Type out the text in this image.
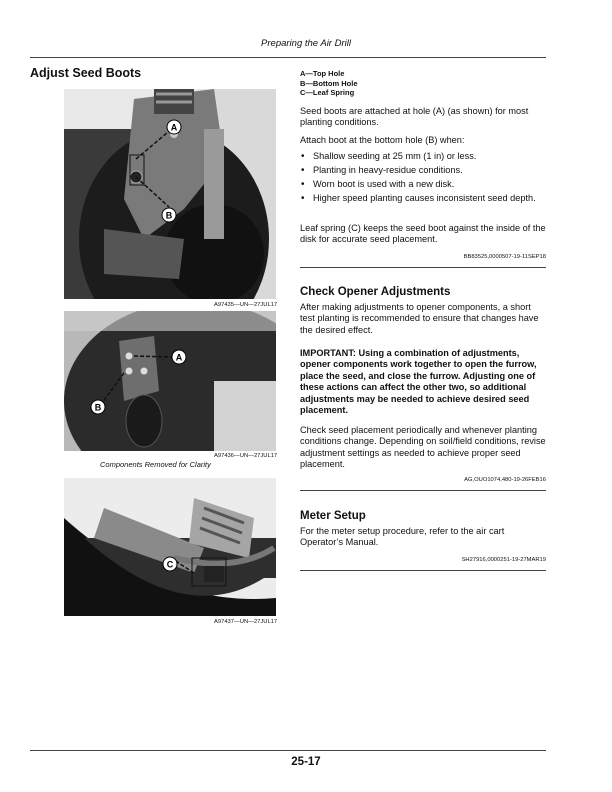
Preparing the Air Drill
Adjust Seed Boots
A
B
A97435—UN—27JUL17
A
B
A97436—UN—27JUL17
Components Removed for Clarity
C
A97437—UN—27JUL17
A—Top Hole
B—Bottom Hole
C—Leaf Spring
Seed boots are attached at hole (A) (as shown) for most planting conditions.
Attach boot at the bottom hole (B) when:
• Shallow seeding at 25 mm (1 in) or less.
• Planting in heavy-residue conditions.
• Worn boot is used with a new disk.
• Higher speed planting causes inconsistent seed depth.
Leaf spring (C) keeps the seed boot against the inside of the disk for accurate seed placement.
BB83525,0000507-19-11SEP18
Check Opener Adjustments
After making adjustments to opener components, a short test planting is recommended to ensure that changes have the desired effect.
IMPORTANT: Using a combination of adjustments, opener components work together to open the furrow, place the seed, and close the furrow. Adjusting one of these actions can affect the other two, so additional adjustments may be needed to achieve desired seed placement.
Check seed placement periodically and whenever planting conditions change. Depending on soil/field conditions, revise adjustment settings as needed to achieve proper seed placement.
AG,OUO1074,480-19-26FEB16
Meter Setup
For the meter setup procedure, refer to the air cart Operator’s Manual.
SH27916,0000251-19-27MAR19
25-17
